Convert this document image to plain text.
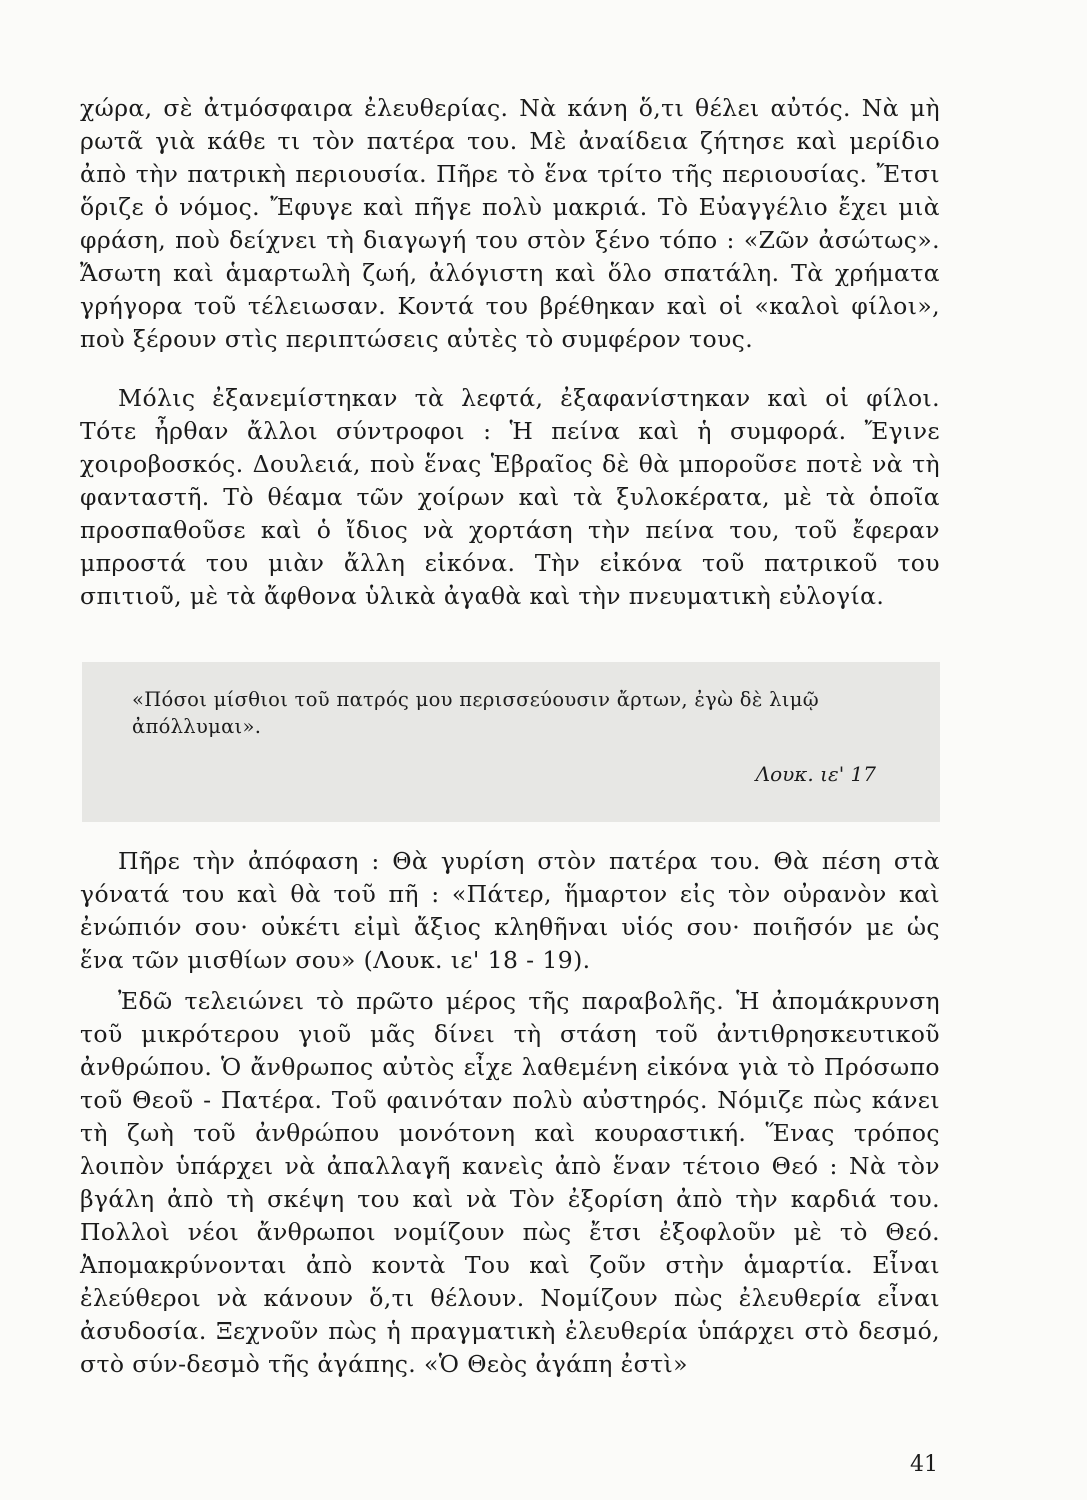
χώρα, σὲ ἀτμόσφαιρα ἐλευθερίας. Νὰ κάνη ὅ,τι θέλει αὐτός. Νὰ μὴ ρωτᾶ γιὰ κάθε τι τὸν πατέρα του. Μὲ ἀναίδεια ζήτησε καὶ μερίδιο ἀπὸ τὴν πατρικὴ περιουσία. Πῆρε τὸ ἕνα τρίτο τῆς περιουσίας. Ἔτσι ὅριζε ὁ νόμος. Ἔφυγε καὶ πῆγε πολὺ μακριά. Τὸ Εὐαγγέλιο ἔχει μιὰ φράση, ποὺ δείχνει τὴ διαγωγή του στὸν ξένο τόπο : «Ζῶν ἀσώτως». Ἄσωτη καὶ ἁμαρτωλὴ ζωή, ἀλόγιστη καὶ ὅλο σπατάλη. Τὰ χρήματα γρήγορα τοῦ τέλειωσαν. Κοντά του βρέθηκαν καὶ οἱ «καλοὶ φίλοι», ποὺ ξέρουν στὶς περιπτώσεις αὐτὲς τὸ συμφέρον τους.

Μόλις ἐξανεμίστηκαν τὰ λεφτά, ἐξαφανίστηκαν καὶ οἱ φίλοι. Τότε ἦρθαν ἄλλοι σύντροφοι : Ἡ πείνα καὶ ἡ συμφορά. Ἔγινε χοιροβοσκός. Δουλειά, ποὺ ἕνας Ἑβραῖος δὲ θὰ μποροῦσε ποτὲ νὰ τὴ φανταστῆ. Τὸ θέαμα τῶν χοίρων καὶ τὰ ξυλοκέρατα, μὲ τὰ ὁποῖα προσπαθοῦσε καὶ ὁ ἴδιος νὰ χορτάση τὴν πείνα του, τοῦ ἔφεραν μπροστά του μιὰν ἄλλη εἰκόνα. Τὴν εἰκόνα τοῦ πατρικοῦ του σπιτιοῦ, μὲ τὰ ἄφθονα ὑλικὰ ἀγαθὰ καὶ τὴν πνευματικὴ εὐλογία.

«Πόσοι μίσθιοι τοῦ πατρός μου περισσεύουσιν ἄρτων, ἐγὼ δὲ λιμῷ ἀπόλλυμαι».
Λουκ. ιε' 17

Πῆρε τὴν ἀπόφαση : Θὰ γυρίση στὸν πατέρα του. Θὰ πέση στὰ γόνατά του καὶ θὰ τοῦ πῆ : «Πάτερ, ἥμαρτον εἰς τὸν οὐρανὸν καὶ ἐνώπιόν σου· οὐκέτι εἰμὶ ἄξιος κληθῆναι υἱός σου· ποιῆσόν με ὡς ἕνα τῶν μισθίων σου» (Λουκ. ιε' 18 - 19).

Ἐδῶ τελειώνει τὸ πρῶτο μέρος τῆς παραβολῆς. Ἡ ἀπομάκρυνση τοῦ μικρότερου γιοῦ μᾶς δίνει τὴ στάση τοῦ ἀντιθρησκευτικοῦ ἀνθρώπου. Ὁ ἄνθρωπος αὐτὸς εἶχε λαθεμένη εἰκόνα γιὰ τὸ Πρόσωπο τοῦ Θεοῦ - Πατέρα. Τοῦ φαινόταν πολὺ αὐστηρός. Νόμιζε πὼς κάνει τὴ ζωὴ τοῦ ἀνθρώπου μονότονη καὶ κουραστική. Ἕνας τρόπος λοιπὸν ὑπάρχει νὰ ἀπαλλαγῆ κανεὶς ἀπὸ ἕναν τέτοιο Θεό : Νὰ τὸν βγάλη ἀπὸ τὴ σκέψη του καὶ νὰ Τὸν ἐξορίση ἀπὸ τὴν καρδιά του. Πολλοὶ νέοι ἄνθρωποι νομίζουν πὼς ἔτσι ἐξοφλοῦν μὲ τὸ Θεό. Ἀπομακρύνονται ἀπὸ κοντὰ Του καὶ ζοῦν στὴν ἁμαρτία. Εἶναι ἐλεύθεροι νὰ κάνουν ὅ,τι θέλουν. Νομίζουν πὼς ἐλευθερία εἶναι ἀσυδοσία. Ξεχνοῦν πὼς ἡ πραγματικὴ ἐλευθερία ὑπάρχει στὸ δεσμό, στὸ σύν-δεσμὸ τῆς ἀγάπης. «Ὁ Θεὸς ἀγάπη ἐστὶ»

41
